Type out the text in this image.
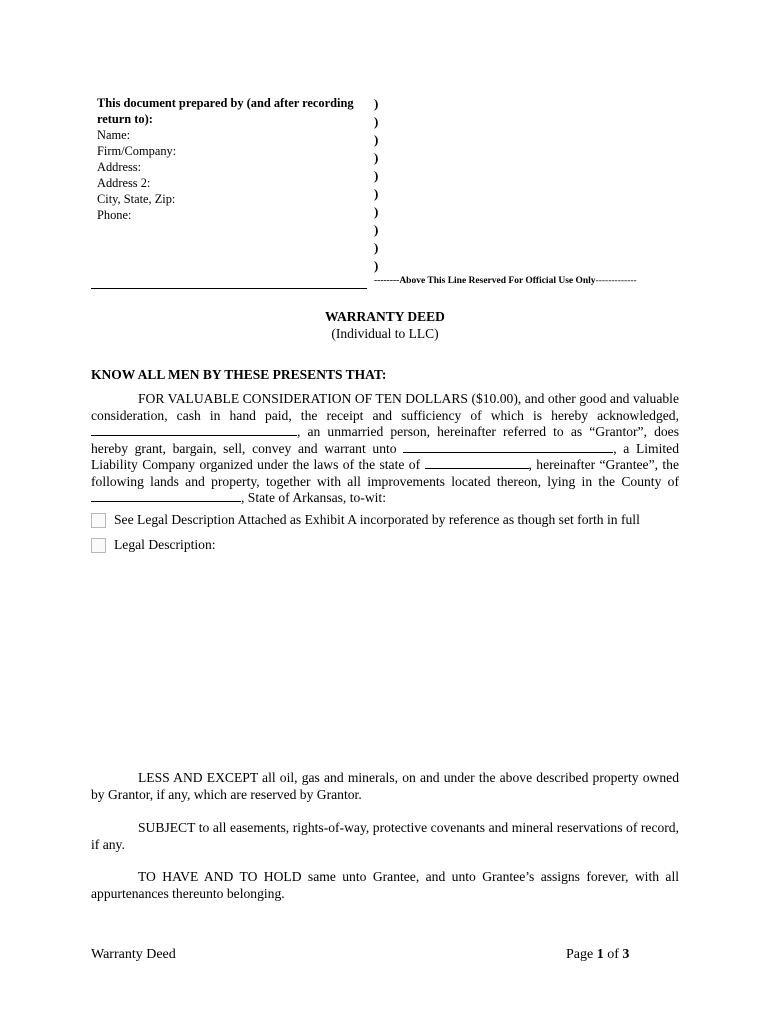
This document prepared by (and after recording
return to):
Name:
Firm/Company:
Address:
Address 2:
City, State, Zip:
Phone:
)
)
)
)
)
)
)
)
)
)
--------Above This Line Reserved For Official Use Only-------------
WARRANTY DEED
(Individual to LLC)
KNOW ALL MEN BY THESE PRESENTS THAT:
FOR VALUABLE CONSIDERATION OF TEN DOLLARS ($10.00), and other good and valuable consideration, cash in hand paid, the receipt and sufficiency of which is hereby acknowledged, , an unmarried person, hereinafter referred to as “Grantor”, does hereby grant, bargain, sell, convey and warrant unto	, a Limited Liability Company organized under the laws of the state of	, hereinafter “Grantee”, the following lands and property, together with all improvements located thereon, lying in the County of , State of Arkansas, to-wit:
See Legal Description Attached as Exhibit A incorporated by reference as though set forth in full
Legal Description:
LESS AND EXCEPT all oil, gas and minerals, on and under the above described property owned by Grantor, if any, which are reserved by Grantor.
SUBJECT to all easements, rights-of-way, protective covenants and mineral reservations of record, if any.
TO HAVE AND TO HOLD same unto Grantee, and unto Grantee’s assigns forever, with all appurtenances thereunto belonging.
Warranty Deed	Page 1 of 3
